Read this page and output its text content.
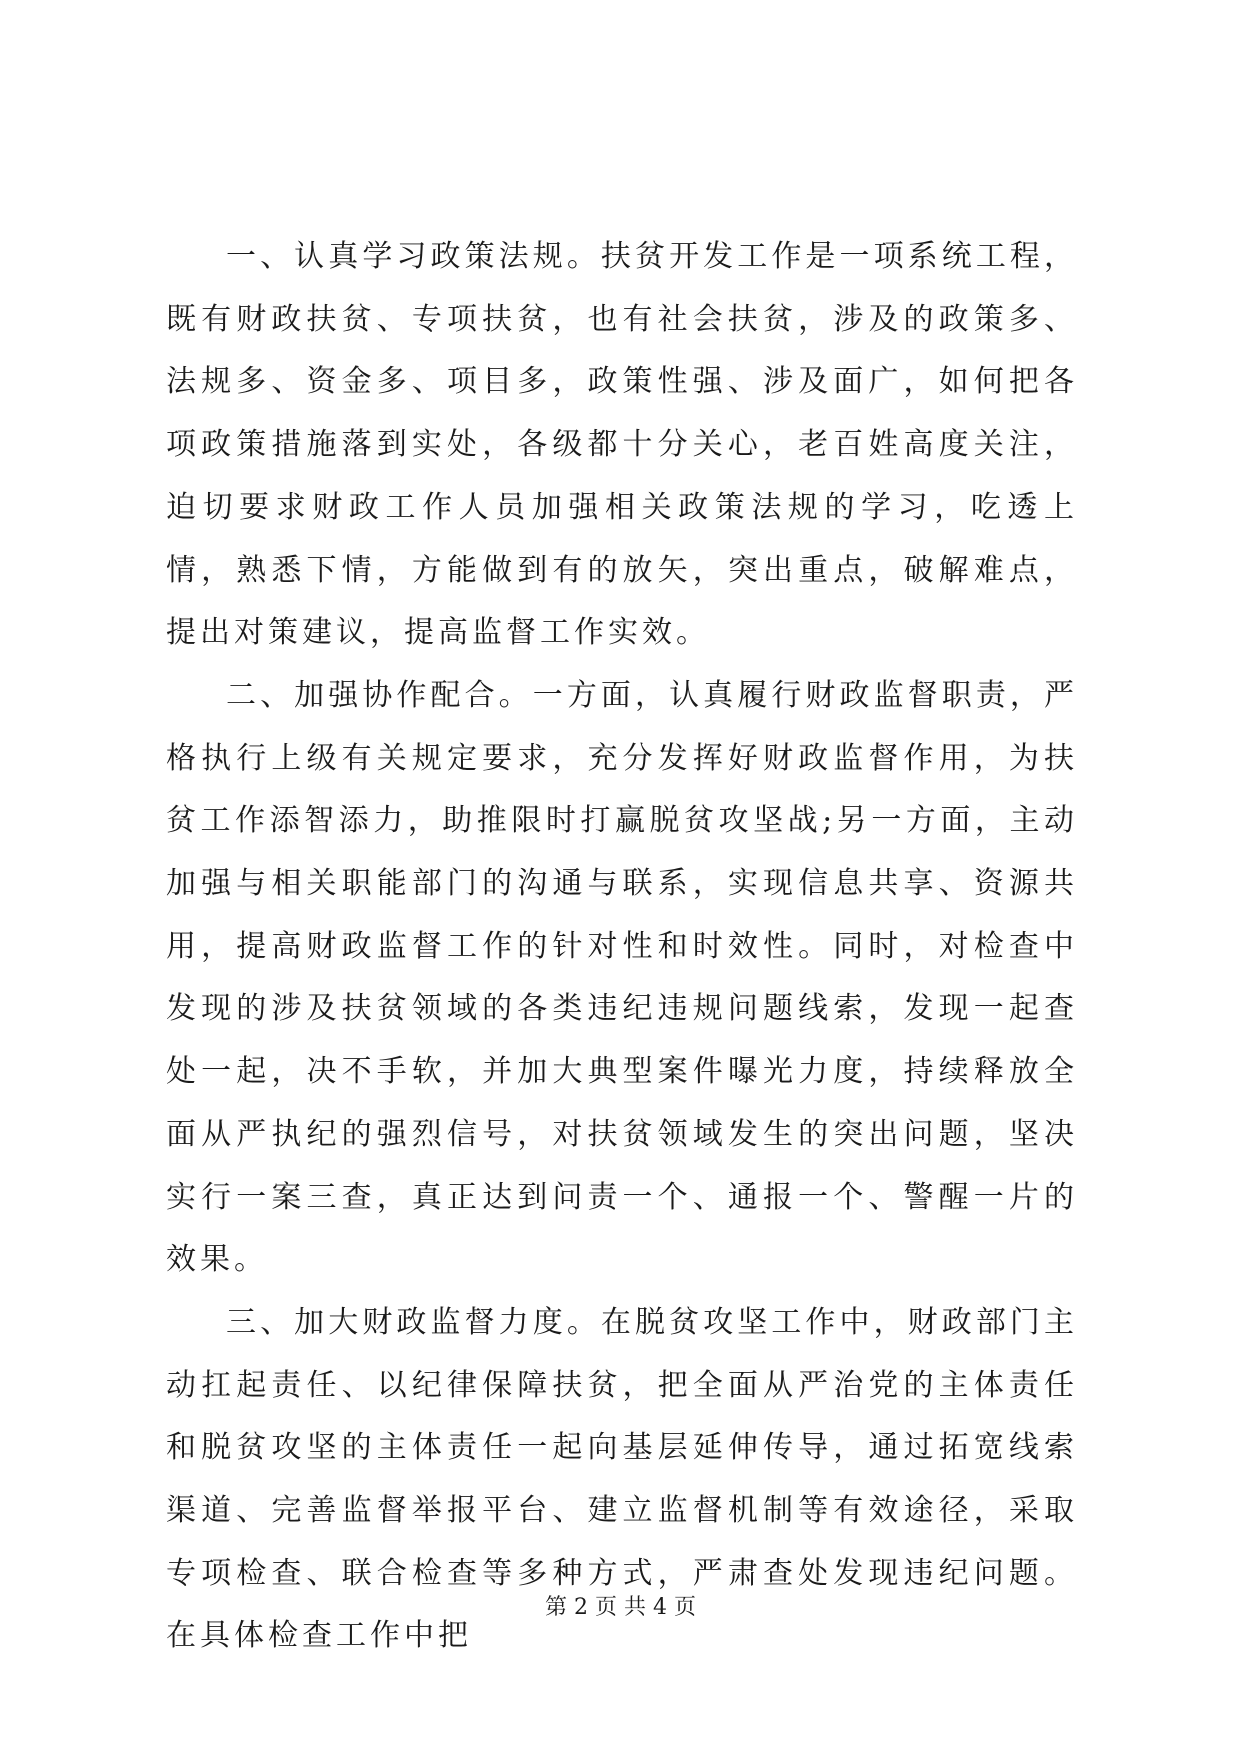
一、认真学习政策法规。扶贫开发工作是一项系统工程，既有财政扶贫、专项扶贫，也有社会扶贫，涉及的政策多、法规多、资金多、项目多，政策性强、涉及面广，如何把各项政策措施落到实处，各级都十分关心，老百姓高度关注，迫切要求财政工作人员加强相关政策法规的学习，吃透上情，熟悉下情，方能做到有的放矢，突出重点，破解难点，提出对策建议，提高监督工作实效。

二、加强协作配合。一方面，认真履行财政监督职责，严格执行上级有关规定要求，充分发挥好财政监督作用，为扶贫工作添智添力，助推限时打赢脱贫攻坚战;另一方面，主动加强与相关职能部门的沟通与联系，实现信息共享、资源共用，提高财政监督工作的针对性和时效性。同时，对检查中发现的涉及扶贫领域的各类违纪违规问题线索，发现一起查处一起，决不手软，并加大典型案件曝光力度，持续释放全面从严执纪的强烈信号，对扶贫领域发生的突出问题，坚决实行一案三查，真正达到问责一个、通报一个、警醒一片的效果。

三、加大财政监督力度。在脱贫攻坚工作中，财政部门主动扛起责任、以纪律保障扶贫，把全面从严治党的主体责任和脱贫攻坚的主体责任一起向基层延伸传导，通过拓宽线索渠道、完善监督举报平台、建立监督机制等有效途径，采取专项检查、联合检查等多种方式，严肃查处发现违纪问题。在具体检查工作中把

第 2 页 共 4 页
